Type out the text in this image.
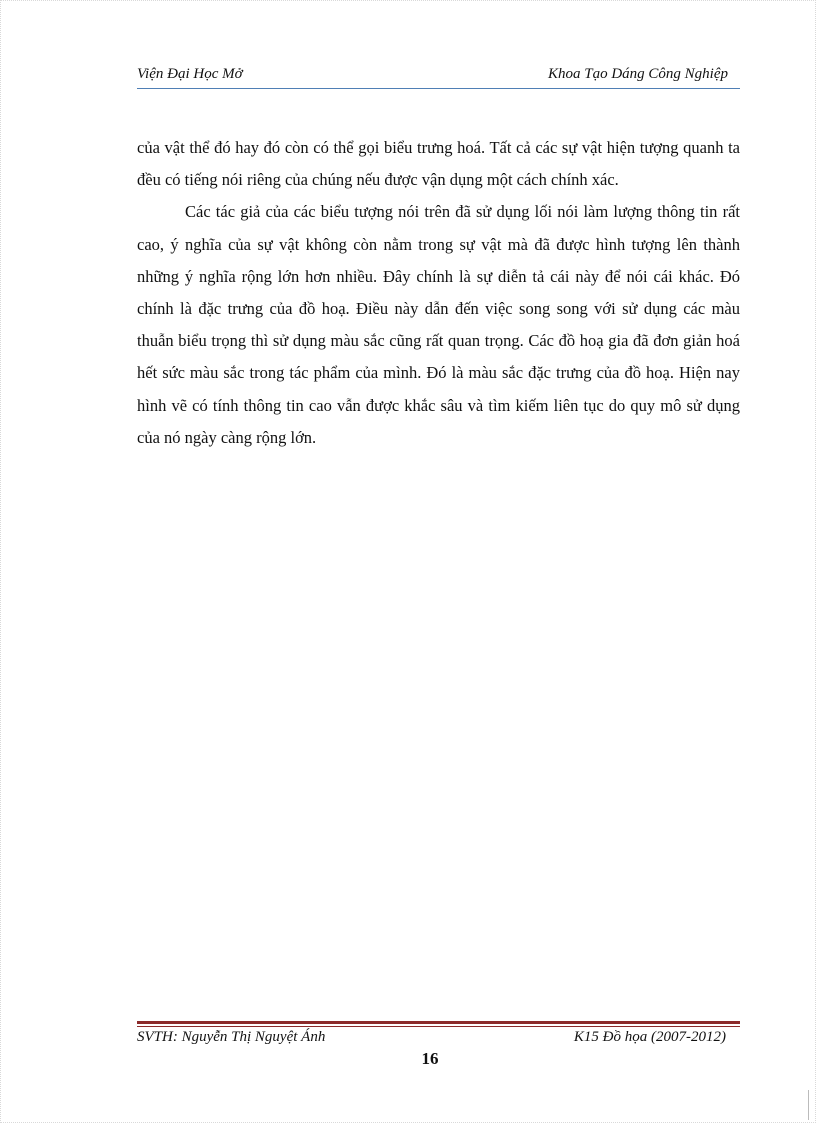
Viện Đại Học Mở	Khoa Tạo Dáng Công Nghiệp

của vật thể đó hay đó còn có thể gọi biểu trưng hoá. Tất cả các sự vật hiện tượng quanh ta đều có tiếng nói riêng của chúng nếu được vận dụng một cách chính xác.

Các tác giả của các biểu tượng nói trên đã sử dụng lối nói làm lượng thông tin rất cao, ý nghĩa của sự vật không còn nằm trong sự vật mà đã được hình tượng lên thành những ý nghĩa rộng lớn hơn nhiều. Đây chính là sự diễn tả cái này để nói cái khác. Đó chính là đặc trưng của đồ hoạ. Điều này dẫn đến việc song song với sử dụng các màu thuẫn biểu trọng thì sử dụng màu sắc cũng rất quan trọng. Các đồ hoạ gia đã đơn giản hoá hết sức màu sắc trong tác phẩm của mình. Đó là màu sắc đặc trưng của đồ hoạ. Hiện nay hình vẽ có tính thông tin cao vẫn được khắc sâu và tìm kiếm liên tục do quy mô sử dụng của nó ngày càng rộng lớn.

SVTH: Nguyễn Thị Nguyệt Ánh	K15 Đồ họa (2007-2012)
16
